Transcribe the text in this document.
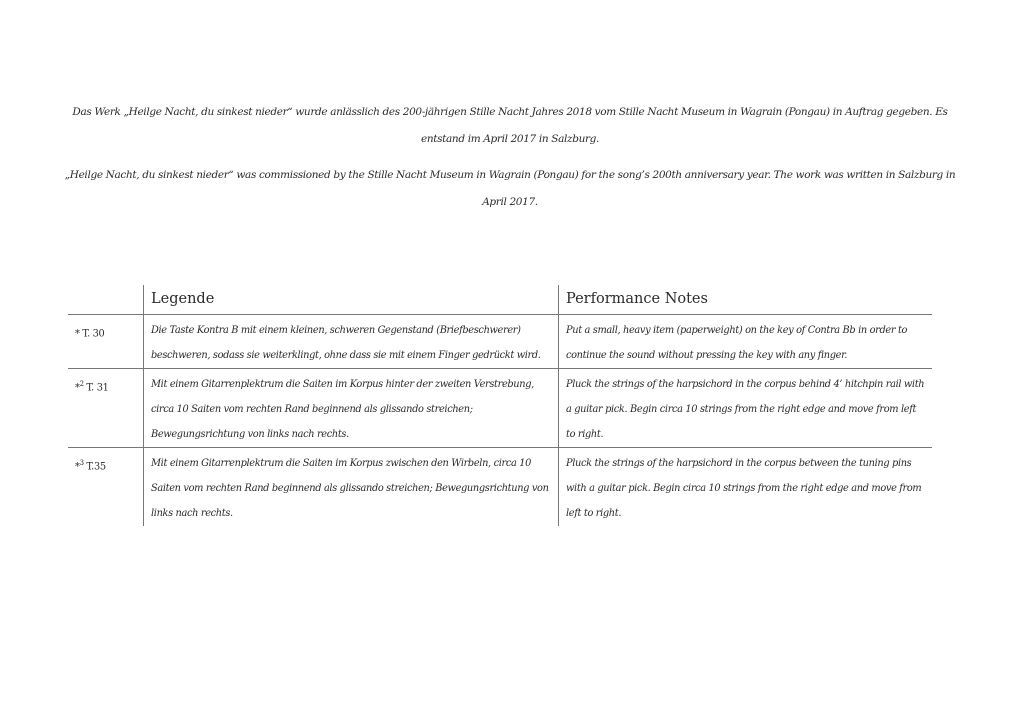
Das Werk „Heilge Nacht, du sinkest nieder“ wurde anlässlich des 200-jährigen Stille Nacht Jahres 2018 vom Stille Nacht Museum in Wagrain (Pongau) in Auftrag gegeben. Es entstand im April 2017 in Salzburg.

„Heilge Nacht, du sinkest nieder“ was commissioned by the Stille Nacht Museum in Wagrain (Pongau) for the song’s 200th anniversary year. The work was written in Salzburg in April 2017.

	Legende	Performance Notes
* T. 30	Die Taste Kontra B mit einem kleinen, schweren Gegenstand (Briefbeschwerer) beschweren, sodass sie weiterklingt, ohne dass sie mit einem Finger gedrückt wird.	Put a small, heavy item (paperweight) on the key of Contra Bb in order to continue the sound without pressing the key with any finger.
*$^2$ T. 31	Mit einem Gitarrenplektrum die Saiten im Korpus hinter der zweiten Verstrebung, circa 10 Saiten vom rechten Rand beginnend als glissando streichen; Bewegungsrichtung von links nach rechts.	Pluck the strings of the harpsichord in the corpus behind 4’ hitchpin rail with a guitar pick. Begin circa 10 strings from the right edge and move from left to right.
*$^3$ T.35	Mit einem Gitarrenplektrum die Saiten im Korpus zwischen den Wirbeln, circa 10 Saiten vom rechten Rand beginnend als glissando streichen; Bewegungsrichtung von links nach rechts.	Pluck the strings of the harpsichord in the corpus between the tuning pins with a guitar pick. Begin circa 10 strings from the right edge and move from left to right.
